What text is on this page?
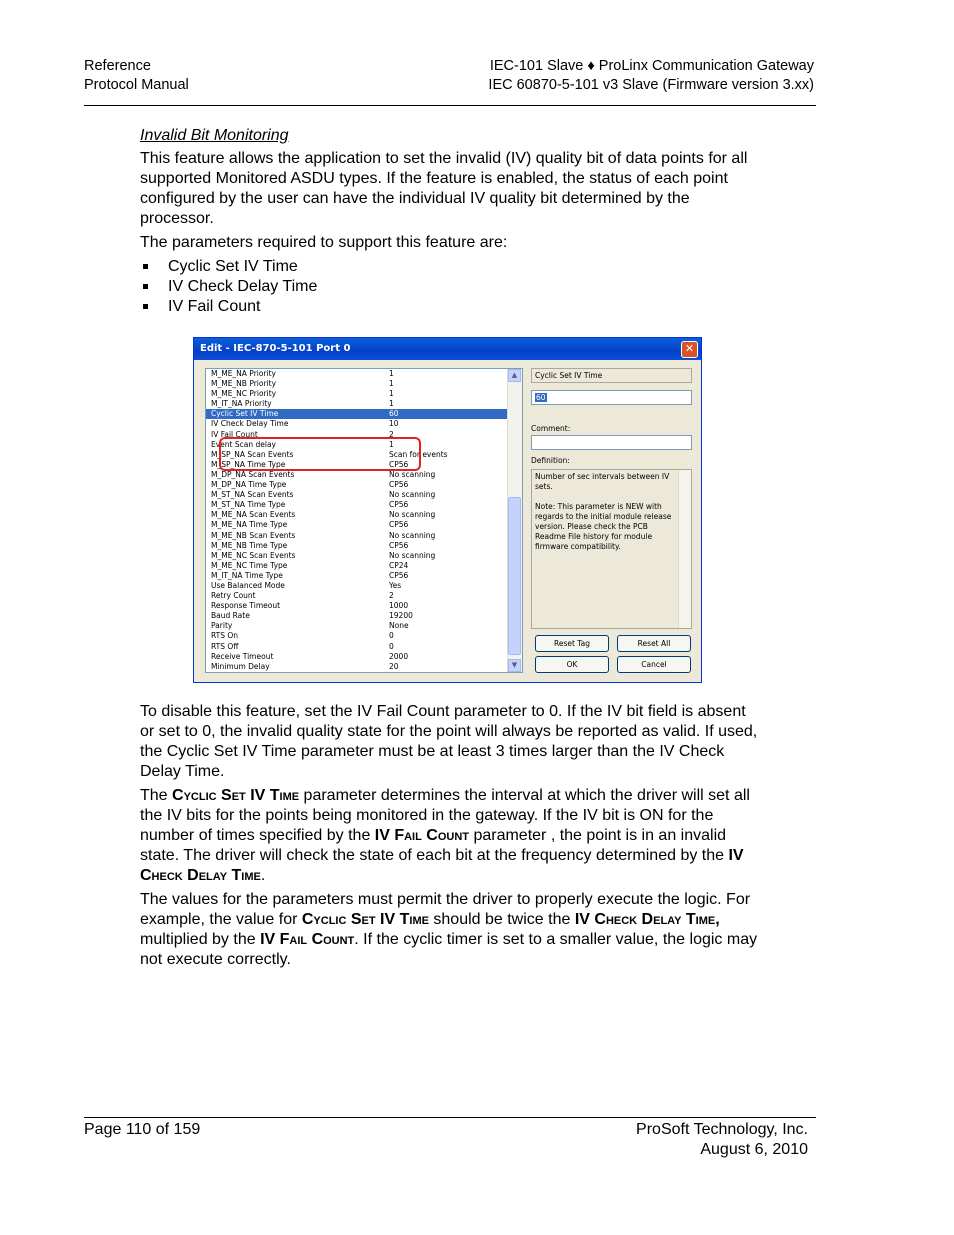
Reference
Protocol Manual
IEC-101 Slave ♦ ProLinx Communication Gateway
IEC 60870-5-101 v3 Slave (Firmware version 3.xx)

Invalid Bit Monitoring

This feature allows the application to set the invalid (IV) quality bit of data points for all supported Monitored ASDU types. If the feature is enabled, the status of each point configured by the user can have the individual IV quality bit determined by the processor.

The parameters required to support this feature are:

Cyclic Set IV Time
IV Check Delay Time
IV Fail Count
Edit - IEC-870-5-101 Port 0	✕
M_ME_NA Priority	1
M_ME_NB Priority	1
M_ME_NC Priority	1
M_IT_NA Priority	1
Cyclic Set IV Time	60
IV Check Delay Time	10
IV Fail Count	2
Event Scan delay	1
M_SP_NA Scan Events	Scan for events
M_SP_NA Time Type	CP56
M_DP_NA Scan Events	No scanning
M_DP_NA Time Type	CP56
M_ST_NA Scan Events	No scanning
M_ST_NA Time Type	CP56
M_ME_NA Scan Events	No scanning
M_ME_NA Time Type	CP56
M_ME_NB Scan Events	No scanning
M_ME_NB Time Type	CP56
M_ME_NC Scan Events	No scanning
M_ME_NC Time Type	CP24
M_IT_NA Time Type	CP56
Use Balanced Mode	Yes
Retry Count	2
Response Timeout	1000
Baud Rate	19200
Parity	None
RTS On	0
RTS Off	0
Receive Timeout	2000
Minimum Delay	20
▲
▼
Cyclic Set IV Time
60
Comment:
Definition:

Number of sec intervals between IV sets.

Note: This parameter is NEW with regards to the initial module release version. Please check the PCB Readme File history for module firmware compatibility.

Reset Tag	Reset All
OK	Cancel

To disable this feature, set the IV Fail Count parameter to 0. If the IV bit field is absent or set to 0, the invalid quality state for the point will always be reported as valid. If used, the Cyclic Set IV Time parameter must be at least 3 times larger than the IV Check Delay Time.

The Cyclic Set IV Time parameter determines the interval at which the driver will set all the IV bits for the points being monitored in the gateway. If the IV bit is ON for the number of times specified by the IV Fail Count parameter , the point is in an invalid state. The driver will check the state of each bit at the frequency determined by the IV Check Delay Time.

The values for the parameters must permit the driver to properly execute the logic. For example, the value for Cyclic Set IV Time should be twice the IV Check Delay Time, multiplied by the IV Fail Count. If the cyclic timer is set to a smaller value, the logic may not execute correctly.

Page 110 of 159	ProSoft Technology, Inc.
August 6, 2010
